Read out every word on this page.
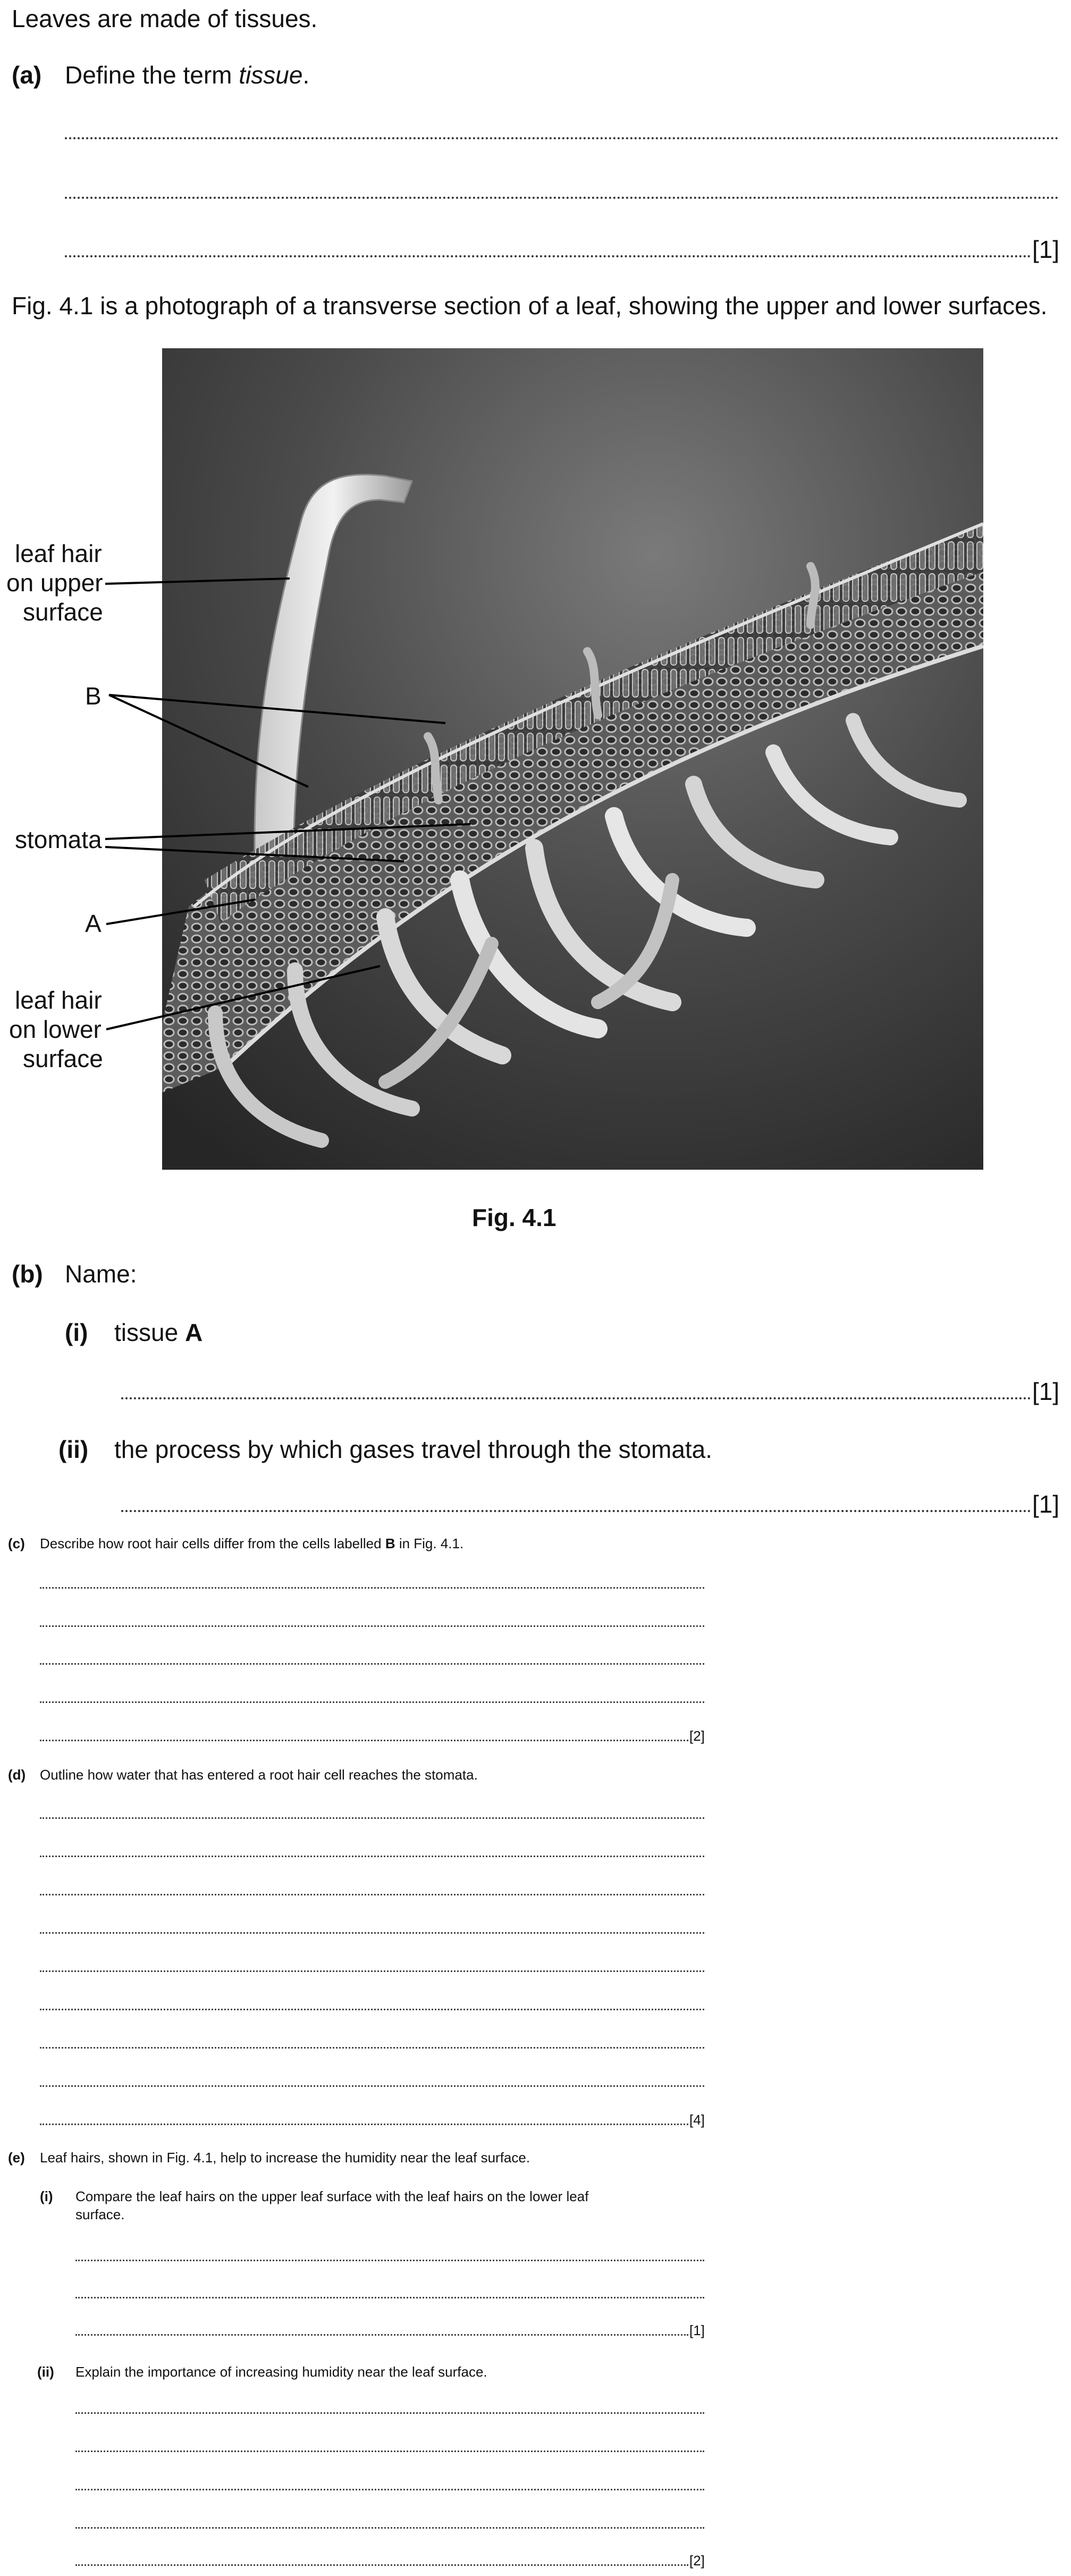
Leaves are made of tissues.
(a) Define the term tissue.
[1]
Fig. 4.1 is a photograph of a transverse section of a leaf, showing the upper and lower surfaces.
leaf hair
on upper
surface
B
stomata
A
leaf hair
on lower
surface
Fig. 4.1
(b) Name:
(i) tissue A
[1]
(ii) the process by which gases travel through the stomata.
[1]
(c) Describe how root hair cells differ from the cells labelled B in Fig. 4.1.
[2]
(d) Outline how water that has entered a root hair cell reaches the stomata.
[4]
(e) Leaf hairs, shown in Fig. 4.1, help to increase the humidity near the leaf surface.
(i) Compare the leaf hairs on the upper leaf surface with the leaf hairs on the lower leaf
surface.
[1]
(ii) Explain the importance of increasing humidity near the leaf surface.
[2]
